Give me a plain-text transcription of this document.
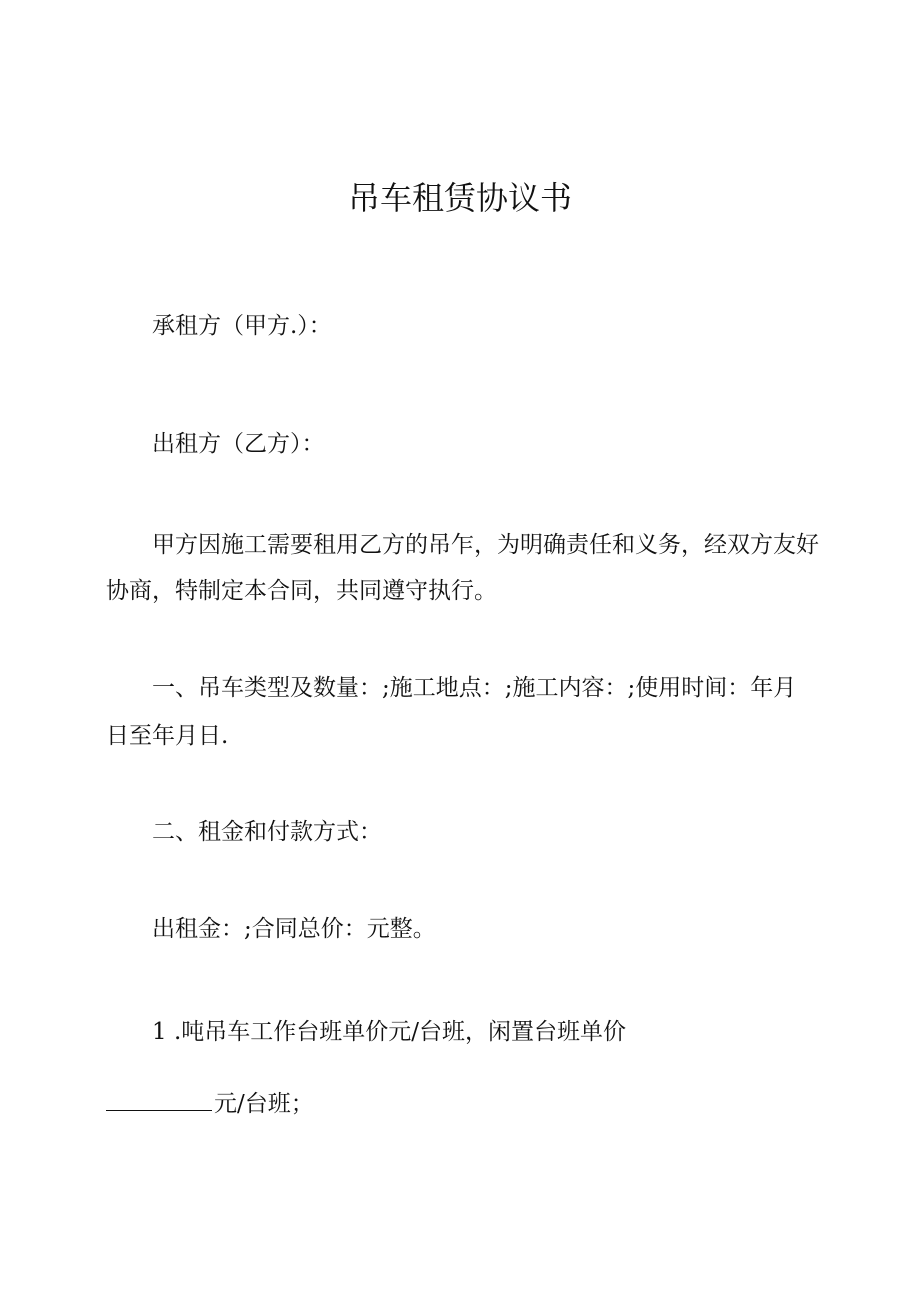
吊车租赁协议书

承租方（甲方.）：

出租方（乙方）：

甲方因施工需要租用乙方的吊乍，为明确责任和义务，经双方友好

协商，特制定本合同，共同遵守执行。

一、吊车类型及数量：;施工地点：;施工内容：;使用时间：年月

日至年月日.

二、租金和付款方式：

出租金：;合同总价：元整。

1 .吨吊车工作台班单价元/台班，闲置台班单价

元/台班；
